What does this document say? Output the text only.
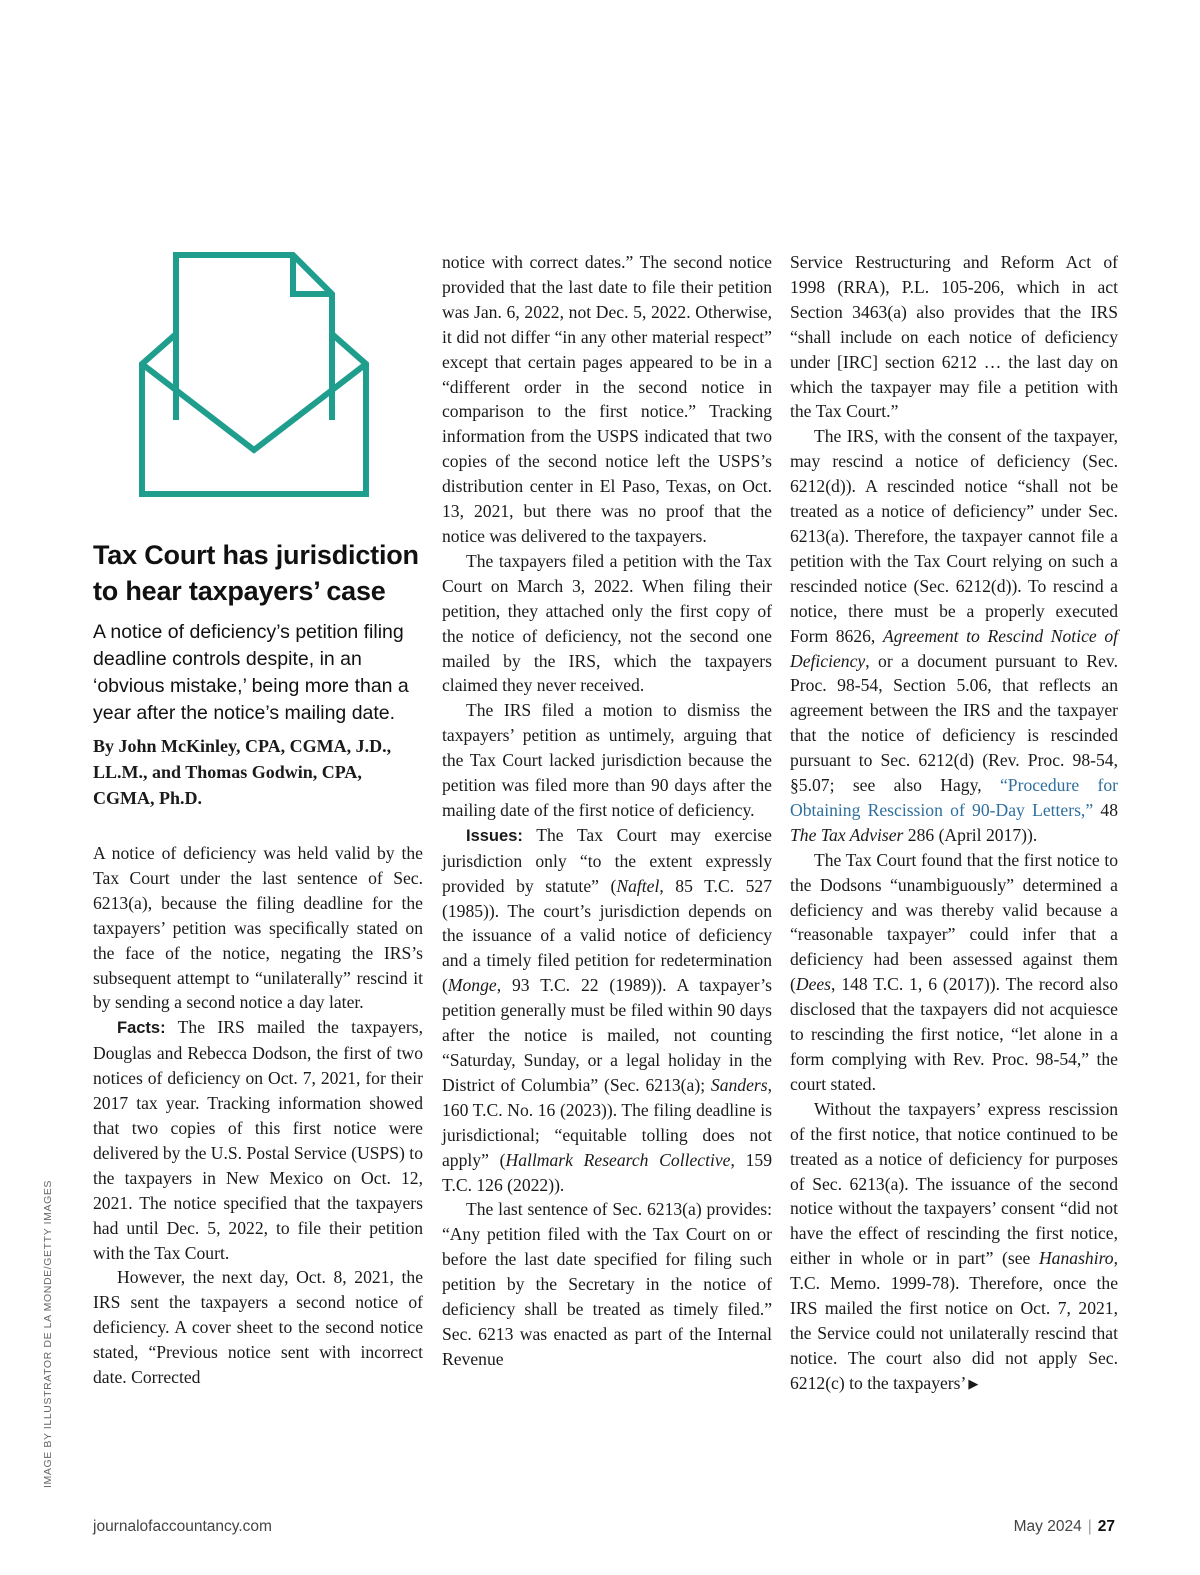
Tax Court has jurisdiction to hear taxpayers’ case
A notice of deficiency’s petition filing deadline controls despite, in an ‘obvious mistake,’ being more than a year after the notice’s mailing date.
By John McKinley, CPA, CGMA, J.D., LL.M., and Thomas Godwin, CPA, CGMA, Ph.D.

A notice of deficiency was held valid by the Tax Court under the last sentence of Sec. 6213(a), because the filing deadline for the taxpayers’ petition was speciﬁcally stated on the face of the notice, negating the IRS’s subsequent attempt to “unilaterally” rescind it by sending a second notice a day later.

Facts: The IRS mailed the taxpayers, Douglas and Rebecca Dodson, the first of two notices of deficiency on Oct. 7, 2021, for their 2017 tax year. Tracking information showed that two copies of this first notice were delivered by the U.S. Postal Service (USPS) to the taxpayers in New Mexico on Oct. 12, 2021. The notice specified that the taxpayers had until Dec. 5, 2022, to file their petition with the Tax Court.

However, the next day, Oct. 8, 2021, the IRS sent the taxpayers a second notice of deficiency. A cover sheet to the second notice stated, “Previous notice sent with incorrect date. Corrected

notice with correct dates.” The second notice provided that the last date to file their petition was Jan. 6, 2022, not Dec. 5, 2022. Otherwise, it did not differ “in any other material respect” except that certain pages appeared to be in a “different order in the second notice in comparison to the first notice.” Tracking information from the USPS indicated that two copies of the second notice left the USPS’s distribution center in El Paso, Texas, on Oct. 13, 2021, but there was no proof that the notice was delivered to the taxpayers.

The taxpayers filed a petition with the Tax Court on March 3, 2022. When filing their petition, they attached only the first copy of the notice of deficiency, not the second one mailed by the IRS, which the taxpayers claimed they never received.

The IRS filed a motion to dismiss the taxpayers’ petition as untimely, arguing that the Tax Court lacked jurisdiction because the petition was filed more than 90 days after the mailing date of the first notice of deficiency.

Issues: The Tax Court may exercise jurisdiction only “to the extent expressly provided by statute” (Naftel, 85 T.C. 527 (1985)). The court’s jurisdiction depends on the issuance of a valid notice of deficiency and a timely filed petition for redetermination (Monge, 93 T.C. 22 (1989)). A taxpayer’s petition generally must be filed within 90 days after the notice is mailed, not counting “Saturday, Sunday, or a legal holiday in the District of Columbia” (Sec. 6213(a); Sanders, 160 T.C. No. 16 (2023)). The filing deadline is jurisdictional; “equitable tolling does not apply” (Hallmark Research Collective, 159 T.C. 126 (2022)).

The last sentence of Sec. 6213(a) provides: “Any petition filed with the Tax Court on or before the last date specified for filing such petition by the Secretary in the notice of deficiency shall be treated as timely filed.” Sec. 6213 was enacted as part of the Internal Revenue

Service Restructuring and Reform Act of 1998 (RRA), P.L. 105-206, which in act Section 3463(a) also provides that the IRS “shall include on each notice of deficiency under [IRC] section 6212 … the last day on which the taxpayer may file a petition with the Tax Court.”

The IRS, with the consent of the taxpayer, may rescind a notice of deficiency (Sec. 6212(d)). A rescinded notice “shall not be treated as a notice of deficiency” under Sec. 6213(a). Therefore, the taxpayer cannot file a petition with the Tax Court relying on such a rescinded notice (Sec. 6212(d)). To rescind a notice, there must be a properly executed Form 8626, Agreement to Rescind Notice of Deficiency, or a document pursuant to Rev. Proc. 98-54, Section 5.06, that reflects an agreement between the IRS and the taxpayer that the notice of deficiency is rescinded pursuant to Sec. 6212(d) (Rev. Proc. 98-54, §5.07; see also Hagy, “Procedure for Obtaining Rescission of 90-Day Letters,” 48 The Tax Adviser 286 (April 2017)).

The Tax Court found that the first notice to the Dodsons “unambiguously” determined a deficiency and was thereby valid because a “reasonable taxpayer” could infer that a deficiency had been assessed against them (Dees, 148 T.C. 1, 6 (2017)). The record also disclosed that the taxpayers did not acquiesce to rescinding the first notice, “let alone in a form complying with Rev. Proc. 98-54,” the court stated.

Without the taxpayers’ express rescission of the first notice, that notice continued to be treated as a notice of deficiency for purposes of Sec. 6213(a). The issuance of the second notice without the taxpayers’ consent “did not have the effect of rescinding the first notice, either in whole or in part” (see Hanashiro, T.C. Memo. 1999-78). Therefore, once the IRS mailed the first notice on Oct. 7, 2021, the Service could not unilaterally rescind that notice. The court also did not apply Sec. 6212(c) to the taxpayers’ ▶

IMAGE BY ILLUSTRATOR DE LA MONDE/GETTY IMAGES
journalofaccountancy.com	May 2024 | 27
